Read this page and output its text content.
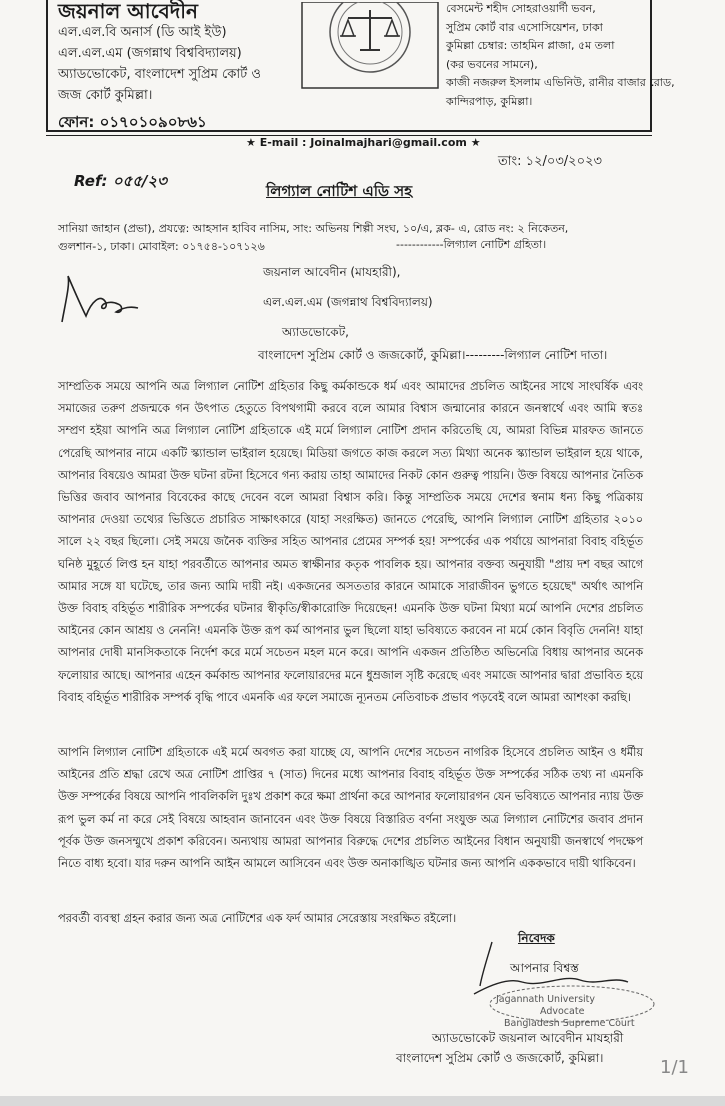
জয়নাল আবেদীন
এল.এল.বি অনার্স (ডি আই ইউ)
এল.এল.এম (জগন্নাথ বিশ্ববিদ্যালয়)
অ্যাডভোকেট, বাংলাদেশ সুপ্রিম কোর্ট ও
জজ কোর্ট কুমিল্লা।
ফোন: ০১৭০১০৯০৮৬১
বেসমেন্ট শহীদ সোহরাওয়ার্দী ভবন,
সুপ্রিম কোর্ট বার এসোসিয়েশন, ঢাকা
কুমিল্লা চেম্বার: তাহমিন প্লাজা, ৫ম তলা
(কর ভবনের সামনে),
কাজী নজরুল ইসলাম এভিনিউ, রানীর বাজার রোড,
কান্দিরপাড়, কুমিল্লা।
★ E-mail : Joinalmajhari@gmail.com ★
তাং: ১২/০৩/২০২৩
Ref: ০৫৫/২৩
লিগ্যাল নোটিশ এডি সহ
সানিয়া জাহান (প্রভা), প্রযত্নে: আহসান হাবিব নাসিম, সাং: অভিনয় শিল্পী সংঘ, ১০/এ, ব্লক- এ, রোড নং: ২ নিকেতন,
গুলশান-১, ঢাকা। মোবাইল: ০১৭৫৪-১০৭১২৬	------------লিগ্যাল নোটিশ গ্রহিতা।
জয়নাল আবেদীন (মাযহারী),
এল.এল.এম (জগন্নাথ বিশ্ববিদ্যালয়)
অ্যাডভোকেট,
বাংলাদেশ সুপ্রিম কোর্ট ও জজকোর্ট, কুমিল্লা।---------লিগ্যাল নোটিশ দাতা।

সাম্প্রতিক সময়ে আপনি অত্র লিগ্যাল নোটিশ গ্রহিতার কিছু কর্মকান্ডকে ধর্ম এবং আমাদের প্রচলিত আইনের সাথে সাংঘর্ষিক এবং সমাজের তরুণ প্রজন্মকে গন উৎপাত হেতুতে বিপথগামী করবে বলে আমার বিশ্বাস জন্মানোর কারনে জনস্বার্থে এবং আমি স্বতঃ সম্প্রণ হইয়া আপনি অত্র লিগ্যাল নোটিশ গ্রহিতাকে এই মর্মে লিগ্যাল নোটিশ প্রদান করিতেছি যে, আমরা বিভিন্ন মারফত জানতে পেরেছি আপনার নামে একটি স্ক্যান্ডাল ভাইরাল হয়েছে। মিডিয়া জগতে কাজ করলে সত্য মিথ্যা অনেক স্ক্যান্ডাল ভাইরাল হয়ে থাকে, আপনার বিষয়েও আমরা উক্ত ঘটনা রটনা হিসেবে গন্য করায় তাহা আমাদের নিকট কোন গুরুত্ব পায়নি। উক্ত বিষয়ে আপনার নৈতিক ভিত্তির জবাব আপনার বিবেকের কাছে দেবেন বলে আমরা বিশ্বাস করি। কিন্তু সাম্প্রতিক সময়ে দেশের স্বনাম ধন্য কিছু পত্রিকায় আপনার দেওয়া তথ্যের ভিত্তিতে প্রচারিত সাক্ষাৎকারে (যাহা সংরক্ষিত) জানতে পেরেছি, আপনি লিগ্যাল নোটিশ গ্রহিতার ২০১০ সালে ২২ বছর ছিলো। সেই সময়ে জনৈক ব্যক্তির সহিত আপনার প্রেমের সম্পর্ক হয়! সম্পর্কের এক পর্যায়ে আপনারা বিবাহ বহির্ভূত ঘনিষ্ঠ মুহূর্তে লিপ্ত হন যাহা পরবর্তীতে আপনার অমত স্বাক্ষীনার কতৃক পাবলিক হয়। আপনার বক্তব্য অনুযায়ী "প্রায় দশ বছর আগে আমার সঙ্গে যা ঘটেছে, তার জন্য আমি দায়ী নই। একজনের অসততার কারনে আমাকে সারাজীবন ভুগতে হয়েছে" অর্থাৎ আপনি উক্ত বিবাহ বহির্ভূত শারীরিক সম্পর্কের ঘটনার স্বীকৃতি/স্বীকারোক্তি দিয়েছেন! এমনকি উক্ত ঘটনা মিথ্যা মর্মে আপনি দেশের প্রচলিত আইনের কোন আশ্রয় ও নেননি! এমনকি উক্ত রূপ কর্ম আপনার ভুল ছিলো যাহা ভবিষ্যতে করবেন না মর্মে কোন বিবৃতি দেননি! যাহা আপনার দোষী মানসিকতাকে নির্দেশ করে মর্মে সচেতন মহল মনে করে। আপনি একজন প্রতিষ্ঠিত অভিনেত্রি বিধায় আপনার অনেক ফলোয়ার আছে। আপনার এহেন কর্মকান্ড আপনার ফলোয়ারদের মনে ধুম্রজাল সৃষ্টি করেছে এবং সমাজে আপনার দ্বারা প্রভাবিত হয়ে বিবাহ বহির্ভূত শারীরিক সম্পর্ক বৃদ্ধি পাবে এমনকি এর ফলে সমাজে ন্যূনতম নেতিবাচক প্রভাব পড়বেই বলে আমরা আশংকা করছি।

আপনি লিগ্যাল নোটিশ গ্রহিতাকে এই মর্মে অবগত করা যাচ্ছে যে, আপনি দেশের সচেতন নাগরিক হিসেবে প্রচলিত আইন ও ধর্মীয় আইনের প্রতি শ্রদ্ধা রেখে অত্র নোটিশ প্রাপ্তির ৭ (সাত) দিনের মধ্যে আপনার বিবাহ বহির্ভূত উক্ত সম্পর্কের সঠিক তথ্য না এমনকি উক্ত সম্পর্কের বিষয়ে আপনি পাবলিকলি দুঃখ প্রকাশ করে ক্ষমা প্রার্থনা করে আপনার ফলোয়ারগন যেন ভবিষ্যতে আপনার ন্যায় উক্ত রূপ ভুল কর্ম না করে সেই বিষয়ে আহবান জানাবেন এবং উক্ত বিষয়ে বিস্তারিত বর্ণনা সংযুক্ত অত্র লিগ্যাল নোটিশের জবাব প্রদান পূর্বক উক্ত জনসম্মুখে প্রকাশ করিবেন। অন্যথায় আমরা আপনার বিরুদ্ধে দেশের প্রচলিত আইনের বিধান অনুযায়ী জনস্বার্থে পদক্ষেপ নিতে বাধ্য হবো। যার দরুন আপনি আইন আমলে আসিবেন এবং উক্ত অনাকাঙ্খিত ঘটনার জন্য আপনি এককভাবে দায়ী থাকিবেন।

পরবর্তী ব্যবস্থা গ্রহন করার জন্য অত্র নোটিশের এক ফর্দ আমার সেরেস্তায় সংরক্ষিত রইলো।

নিবেদক
আপনার বিশ্বস্ত
Jagannath University
Advocate
Bangladesh Supreme Court
অ্যাডভোকেট জয়নাল আবেদীন মাযহারী
বাংলাদেশ সুপ্রিম কোর্ট ও জজকোর্ট, কুমিল্লা।	1/1
